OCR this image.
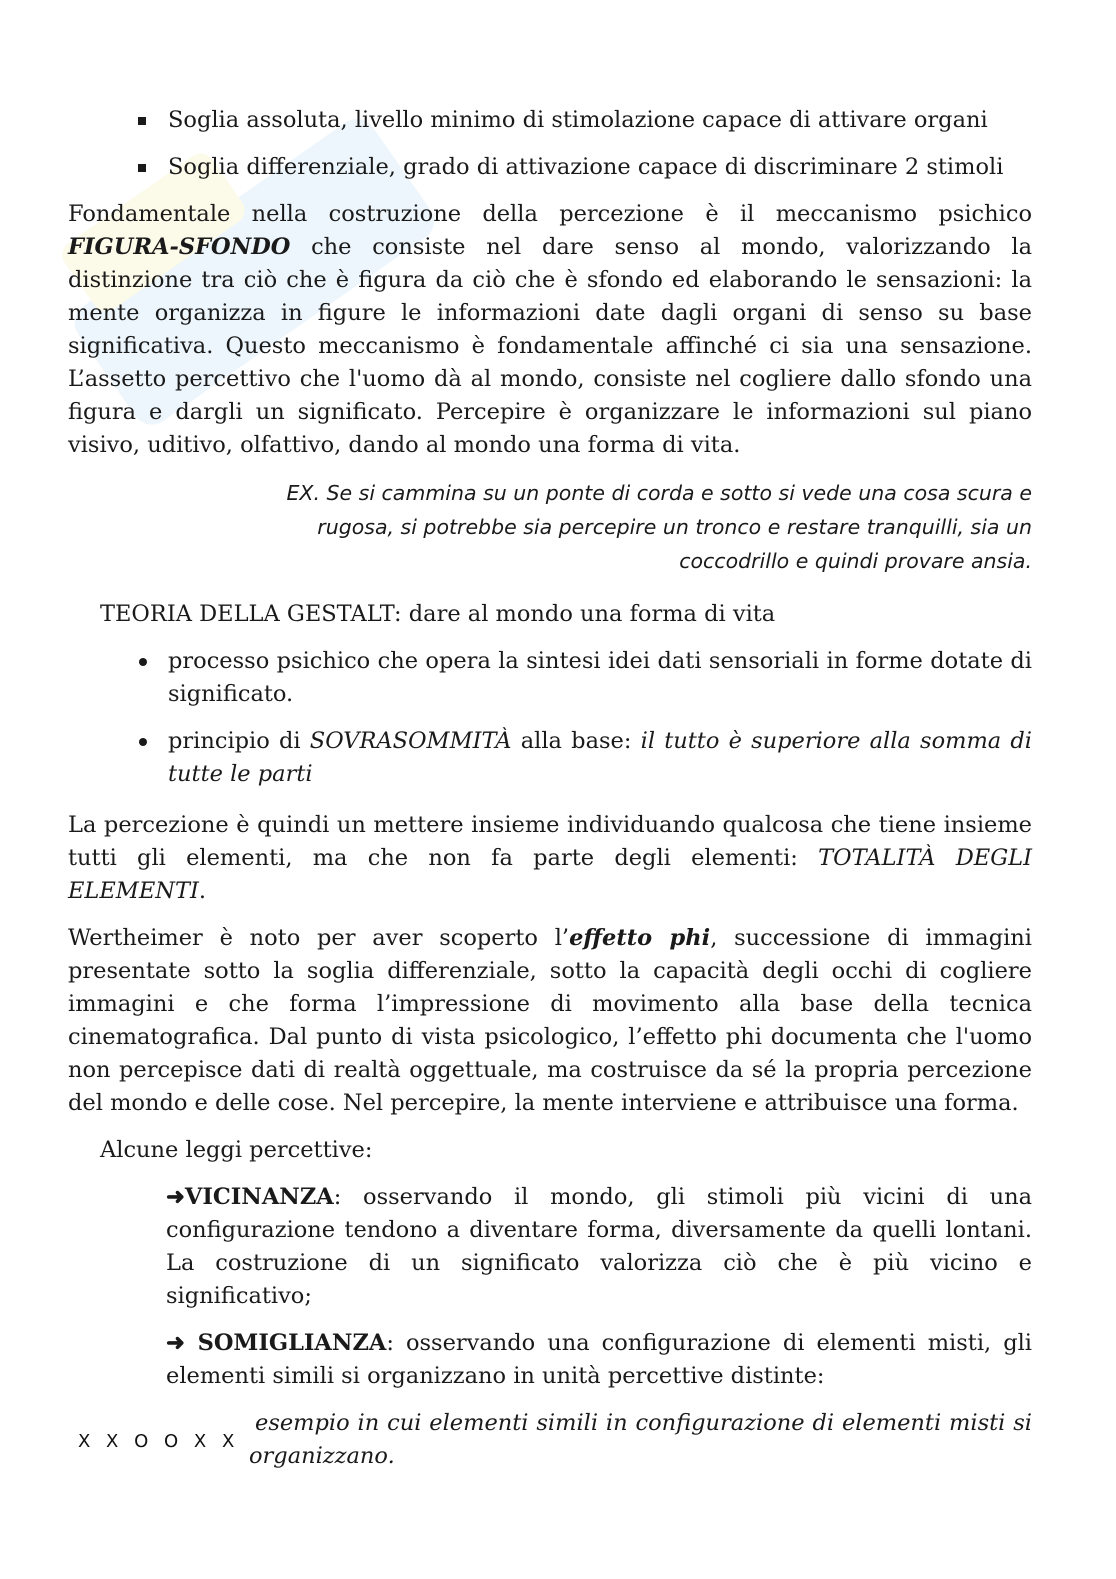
Soglia assoluta, livello minimo di stimolazione capace di attivare organi
Soglia differenziale, grado di attivazione capace di discriminare 2 stimoli

Fondamentale nella costruzione della percezione è il meccanismo psichico FIGURA-SFONDO che consiste nel dare senso al mondo, valorizzando la distinzione tra ciò che è figura da ciò che è sfondo ed elaborando le sensazioni: la mente organizza in figure le informazioni date dagli organi di senso su base significativa. Questo meccanismo è fondamentale affinché ci sia una sensazione. L’assetto percettivo che l'uomo dà al mondo, consiste nel cogliere dallo sfondo una figura e dargli un significato. Percepire è organizzare le informazioni sul piano visivo, uditivo, olfattivo, dando al mondo una forma di vita.

EX. Se si cammina su un ponte di corda e sotto si vede una cosa scura e rugosa, si potrebbe sia percepire un tronco e restare tranquilli, sia un coccodrillo e quindi provare ansia.

TEORIA DELLA GESTALT: dare al mondo una forma di vita

processo psichico che opera la sintesi idei dati sensoriali in forme dotate di significato.
principio di SOVRASOMMITÀ alla base: il tutto è superiore alla somma di tutte le parti

La percezione è quindi un mettere insieme individuando qualcosa che tiene insieme tutti gli elementi, ma che non fa parte degli elementi: TOTALITÀ DEGLI ELEMENTI.

Wertheimer è noto per aver scoperto l’effetto phi, successione di immagini presentate sotto la soglia differenziale, sotto la capacità degli occhi di cogliere immagini e che forma l’impressione di movimento alla base della tecnica cinematografica. Dal punto di vista psicologico, l’effetto phi documenta che l'uomo non percepisce dati di realtà oggettuale, ma costruisce da sé la propria percezione del mondo e delle cose. Nel percepire, la mente interviene e attribuisce una forma.

Alcune leggi percettive:

➜VICINANZA: osservando il mondo, gli stimoli più vicini di una configurazione tendono a diventare forma, diversamente da quelli lontani. La costruzione di un significato valorizza ciò che è più vicino e significativo;

➜ SOMIGLIANZA: osservando una configurazione di elementi misti, gli elementi simili si organizzano in unità percettive distinte:

X X O O X X

esempio in cui elementi simili in configurazione di elementi misti si organizzano.
